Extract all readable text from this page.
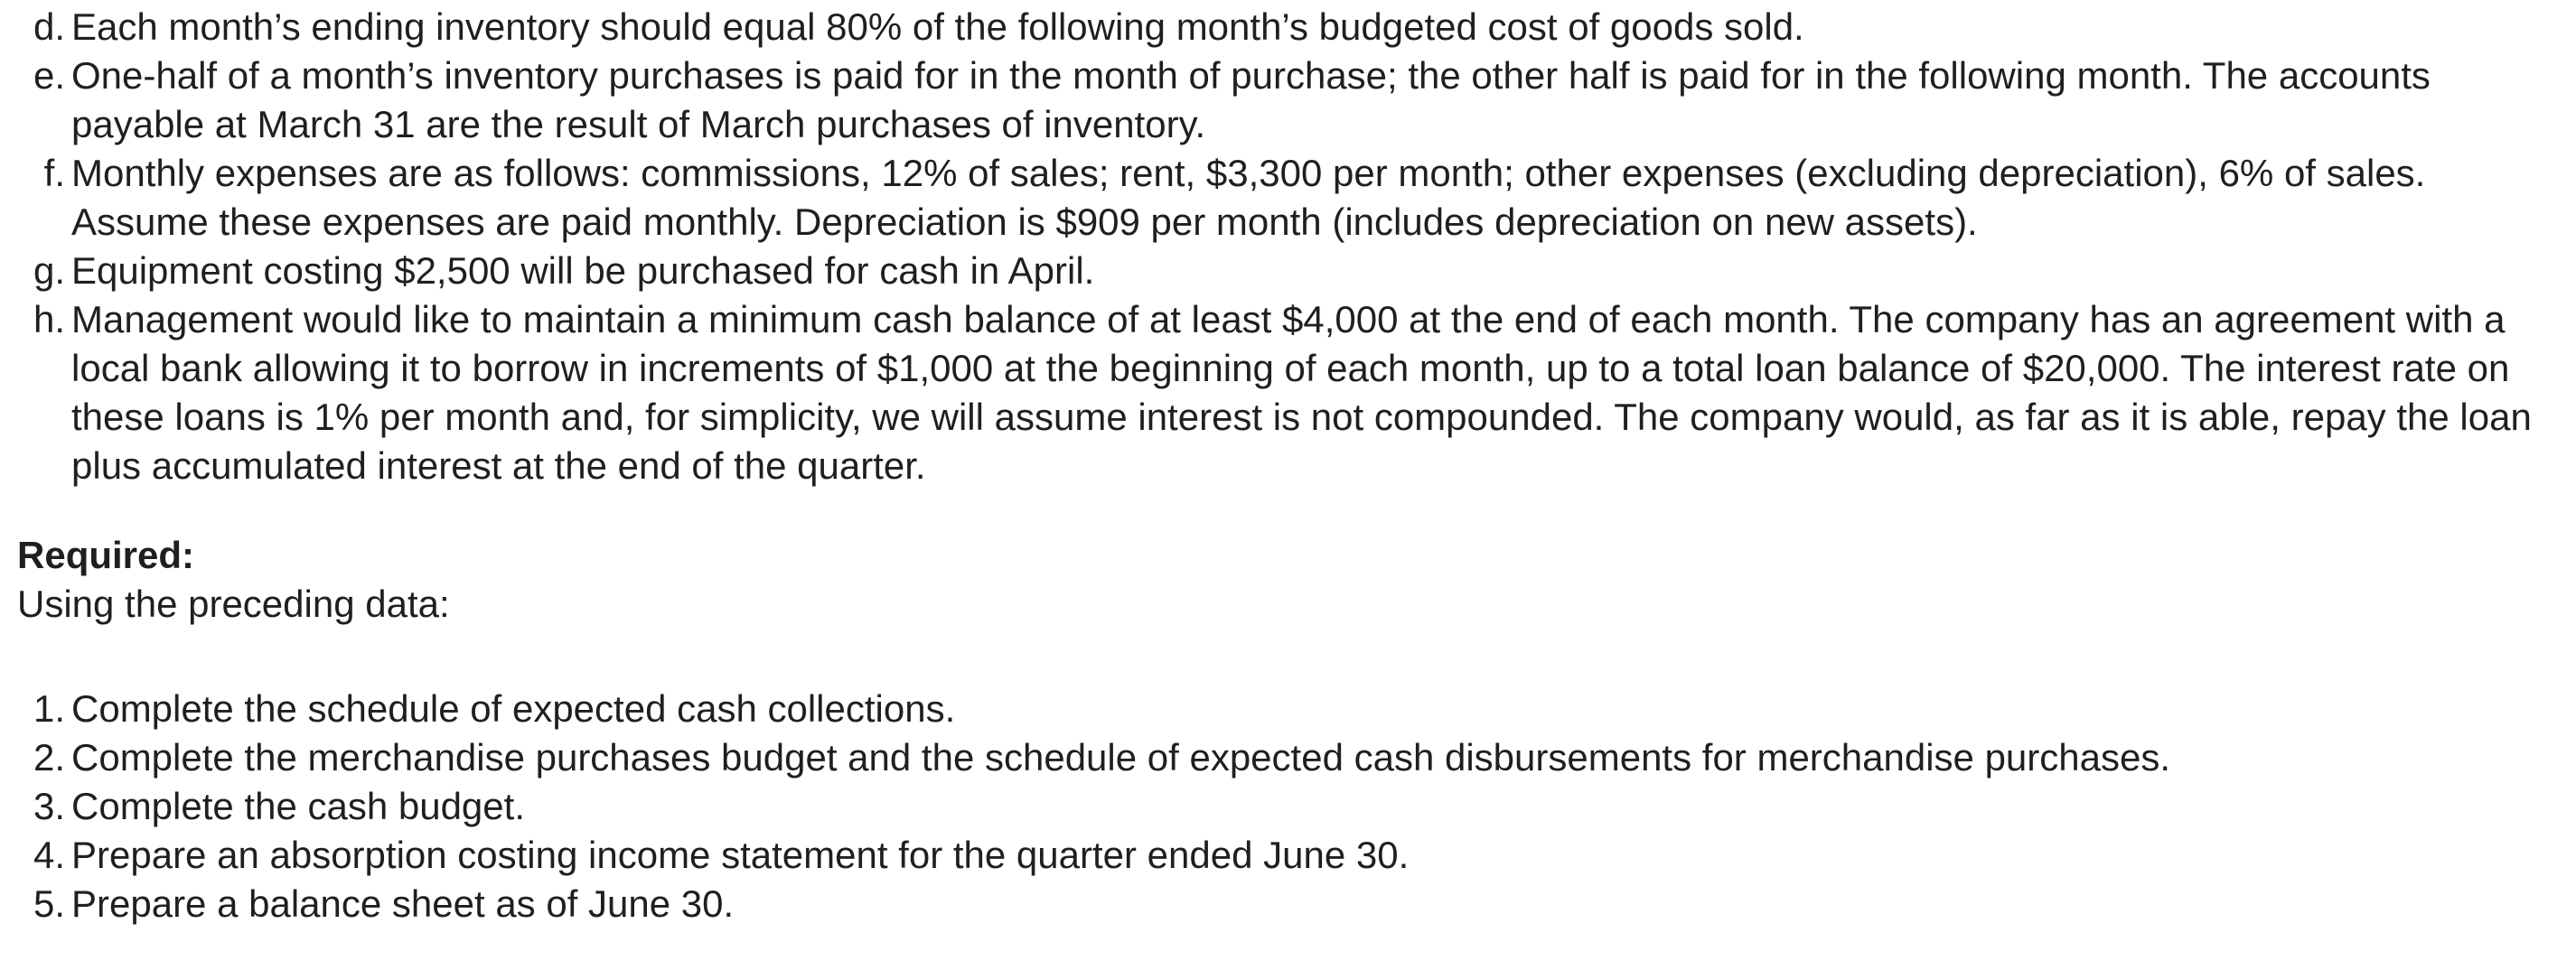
d. Each month’s ending inventory should equal 80% of the following month’s budgeted cost of goods sold.
e. One-half of a month’s inventory purchases is paid for in the month of purchase; the other half is paid for in the following month. The accounts payable at March 31 are the result of March purchases of inventory.
f. Monthly expenses are as follows: commissions, 12% of sales; rent, $3,300 per month; other expenses (excluding depreciation), 6% of sales. Assume these expenses are paid monthly. Depreciation is $909 per month (includes depreciation on new assets).
g. Equipment costing $2,500 will be purchased for cash in April.
h. Management would like to maintain a minimum cash balance of at least $4,000 at the end of each month. The company has an agreement with a local bank allowing it to borrow in increments of $1,000 at the beginning of each month, up to a total loan balance of $20,000. The interest rate on these loans is 1% per month and, for simplicity, we will assume interest is not compounded. The company would, as far as it is able, repay the loan plus accumulated interest at the end of the quarter.
Required:
Using the preceding data:
1. Complete the schedule of expected cash collections.
2. Complete the merchandise purchases budget and the schedule of expected cash disbursements for merchandise purchases.
3. Complete the cash budget.
4. Prepare an absorption costing income statement for the quarter ended June 30.
5. Prepare a balance sheet as of June 30.
